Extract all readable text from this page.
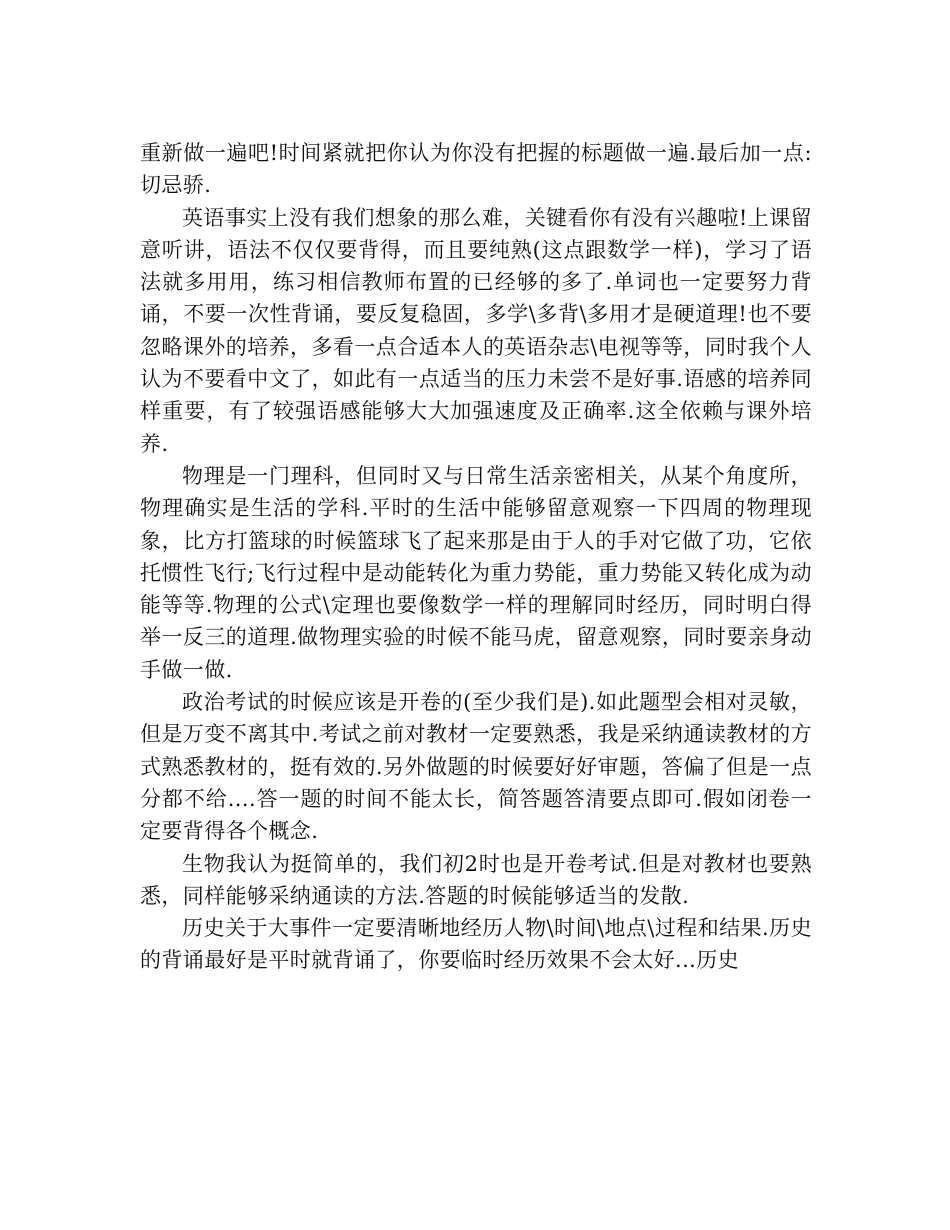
重新做一遍吧!时间紧就把你认为你没有把握的标题做一遍.最后加一点:切忌骄.

英语事实上没有我们想象的那么难，关键看你有没有兴趣啦!上课留意听讲，语法不仅仅要背得，而且要纯熟(这点跟数学一样)，学习了语法就多用用，练习相信教师布置的已经够的多了.单词也一定要努力背诵，不要一次性背诵，要反复稳固，多学\多背\多用才是硬道理!也不要忽略课外的培养，多看一点合适本人的英语杂志\电视等等，同时我个人认为不要看中文了，如此有一点适当的压力未尝不是好事.语感的培养同样重要，有了较强语感能够大大加强速度及正确率.这全依赖与课外培养.

物理是一门理科，但同时又与日常生活亲密相关，从某个角度所，物理确实是生活的学科.平时的生活中能够留意观察一下四周的物理现象，比方打篮球的时候篮球飞了起来那是由于人的手对它做了功，它依托惯性飞行;飞行过程中是动能转化为重力势能，重力势能又转化成为动能等等.物理的公式\定理也要像数学一样的理解同时经历，同时明白得举一反三的道理.做物理实验的时候不能马虎，留意观察，同时要亲身动手做一做.

政治考试的时候应该是开卷的(至少我们是).如此题型会相对灵敏，但是万变不离其中.考试之前对教材一定要熟悉，我是采纳通读教材的方式熟悉教材的，挺有效的.另外做题的时候要好好审题，答偏了但是一点分都不给....答一题的时间不能太长，简答题答清要点即可.假如闭卷一定要背得各个概念.

生物我认为挺简单的，我们初2时也是开卷考试.但是对教材也要熟悉，同样能够采纳通读的方法.答题的时候能够适当的发散.

历史关于大事件一定要清晰地经历人物\时间\地点\过程和结果.历史的背诵最好是平时就背诵了，你要临时经历效果不会太好...历史
